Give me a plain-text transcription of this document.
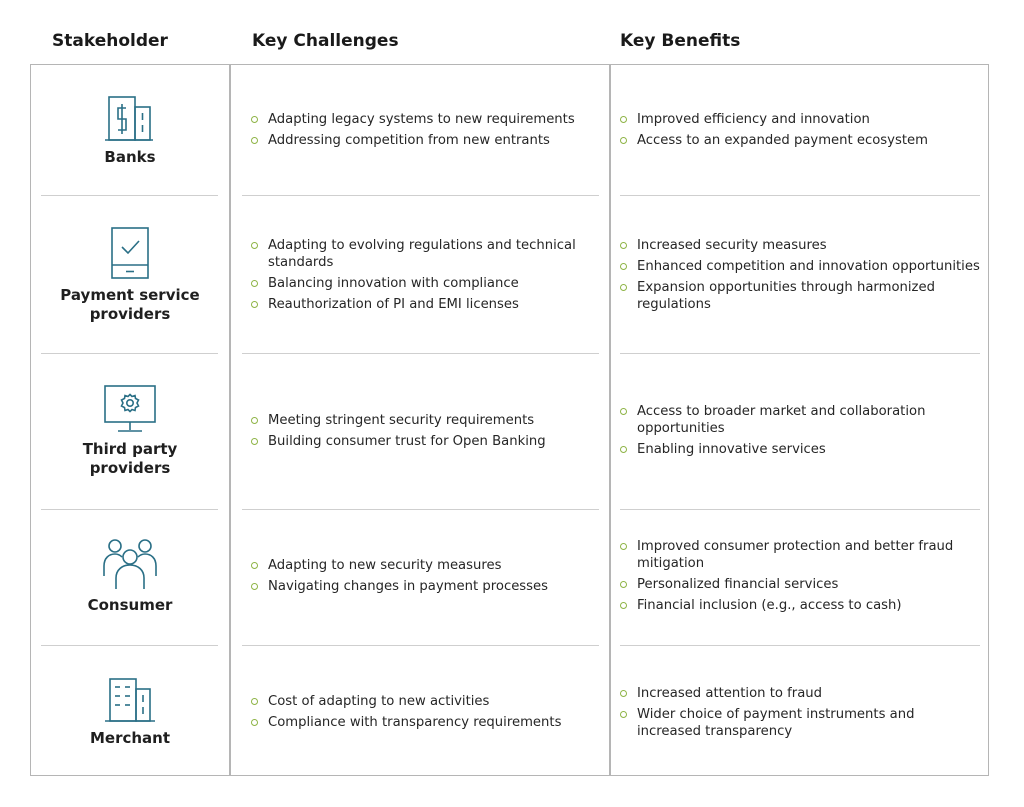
Stakeholder	Key Challenges	Key Benefits
Banks
Adapting legacy systems to new requirements
Addressing competition from new entrants
Improved efficiency and innovation
Access to an expanded payment ecosystem
Payment service providers
Adapting to evolving regulations and technical standards
Balancing innovation with compliance
Reauthorization of PI and EMI licenses
Increased security measures
Enhanced competition and innovation opportunities
Expansion opportunities through harmonized regulations
Third party providers
Meeting stringent security requirements
Building consumer trust for Open Banking
Access to broader market and collaboration opportunities
Enabling innovative services
Consumer
Adapting to new security measures
Navigating changes in payment processes
Improved consumer protection and better fraud mitigation
Personalized financial services
Financial inclusion (e.g., access to cash)
Merchant
Cost of adapting to new activities
Compliance with transparency requirements
Increased attention to fraud
Wider choice of payment instruments and increased transparency
